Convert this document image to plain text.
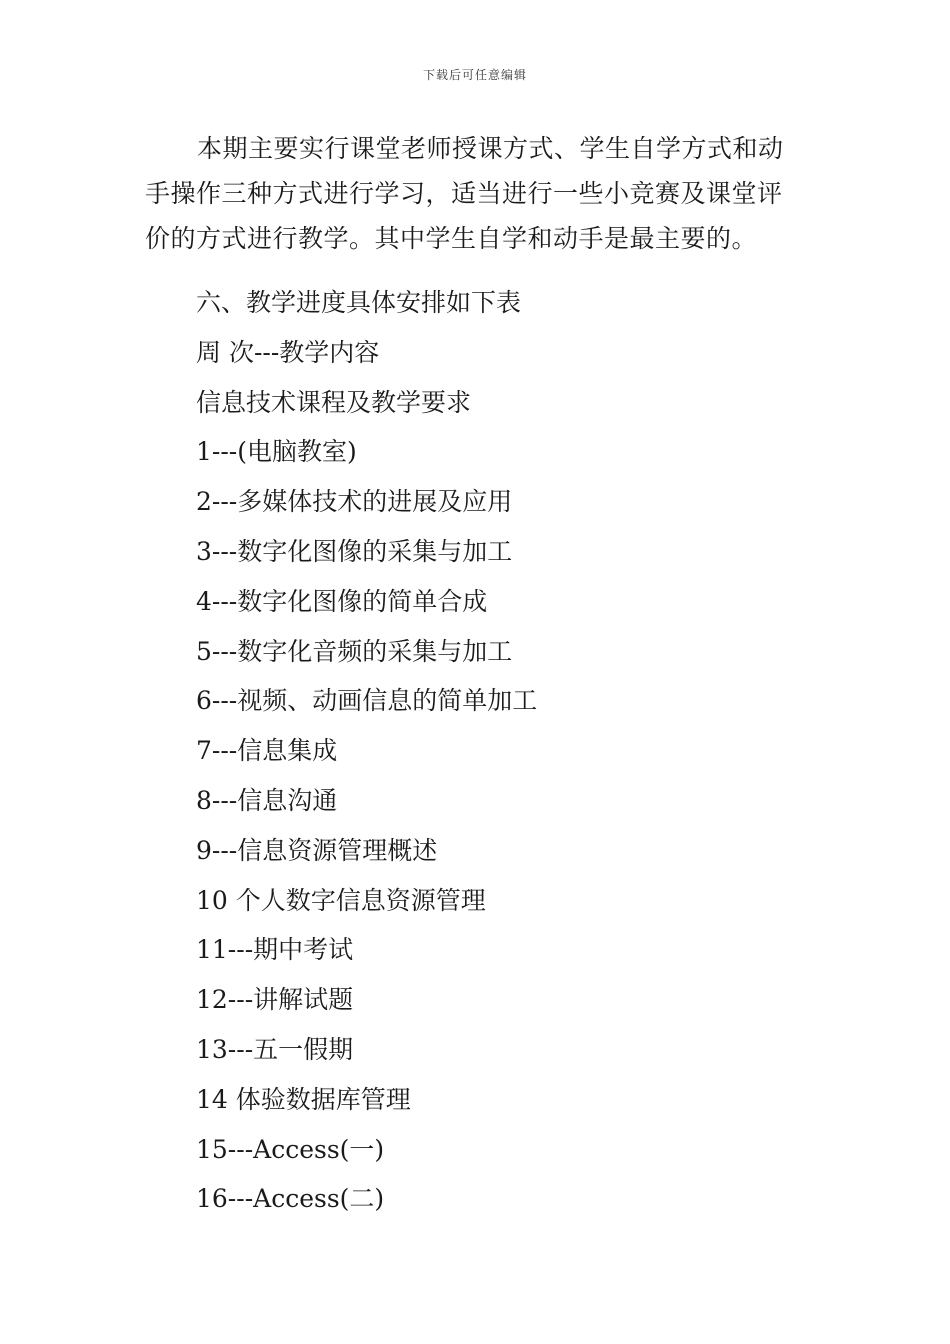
下载后可任意编辑
本期主要实行课堂老师授课方式、学生自学方式和动
手操作三种方式进行学习，适当进行一些小竞赛及课堂评
价的方式进行教学。其中学生自学和动手是最主要的。
六、教学进度具体安排如下表
周 次---教学内容
信息技术课程及教学要求
1---(电脑教室)
2---多媒体技术的进展及应用
3---数字化图像的采集与加工
4---数字化图像的简单合成
5---数字化音频的采集与加工
6---视频、动画信息的简单加工
7---信息集成
8---信息沟通
9---信息资源管理概述
10 个人数字信息资源管理
11---期中考试
12---讲解试题
13---五一假期
14 体验数据库管理
15---Access(一)
16---Access(二)
